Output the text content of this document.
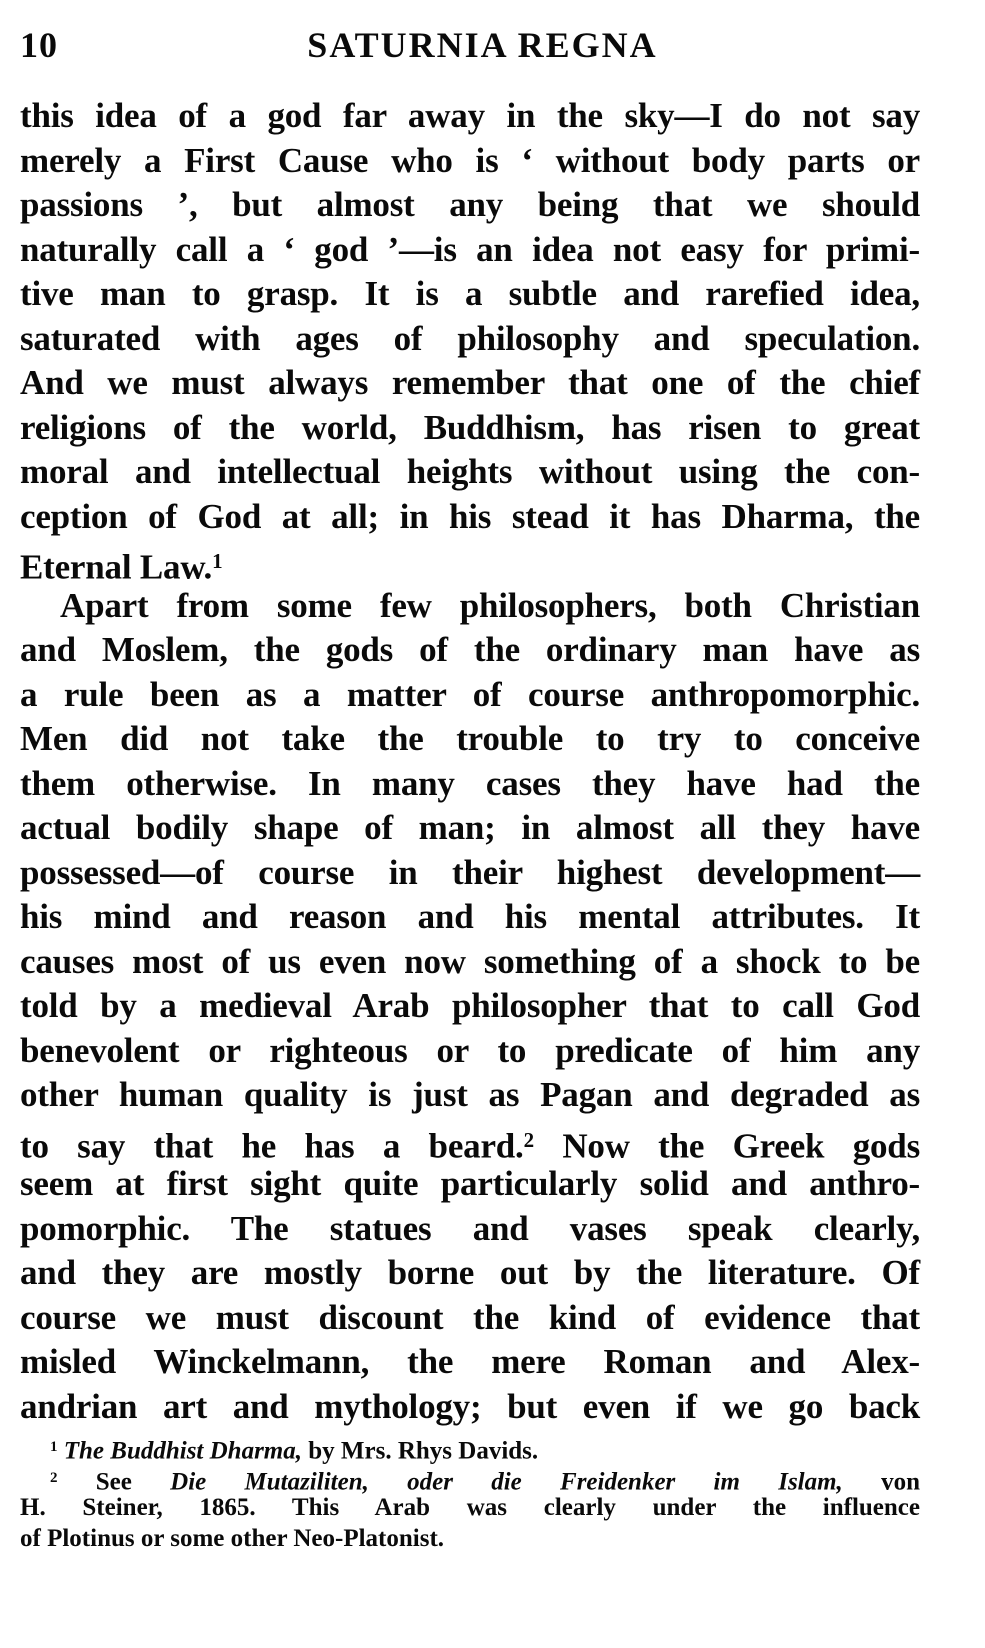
10	SATURNIA REGNA
this idea of a god far away in the sky—I do not say
merely a First Cause who is ‘ without body parts or
passions ’, but almost any being that we should
naturally call a ‘ god ’—is an idea not easy for primi-
tive man to grasp. It is a subtle and rarefied idea,
saturated with ages of philosophy and speculation.
And we must always remember that one of the chief
religions of the world, Buddhism, has risen to great
moral and intellectual heights without using the con-
ception of God at all; in his stead it has Dharma, the
Eternal Law.$^1$
Apart from some few philosophers, both Christian
and Moslem, the gods of the ordinary man have as
a rule been as a matter of course anthropomorphic.
Men did not take the trouble to try to conceive
them otherwise. In many cases they have had the
actual bodily shape of man; in almost all they have
possessed—of course in their highest development—
his mind and reason and his mental attributes. It
causes most of us even now something of a shock to be
told by a medieval Arab philosopher that to call God
benevolent or righteous or to predicate of him any
other human quality is just as Pagan and degraded as
to say that he has a beard.$^2$ Now the Greek gods
seem at first sight quite particularly solid and anthro-
pomorphic. The statues and vases speak clearly,
and they are mostly borne out by the literature. Of
course we must discount the kind of evidence that
misled Winckelmann, the mere Roman and Alex-
andrian art and mythology; but even if we go back
$^1$ The Buddhist Dharma, by Mrs. Rhys Davids.
$^2$ See Die Mutaziliten, oder die Freidenker im Islam, von
H. Steiner, 1865. This Arab was clearly under the influence
of Plotinus or some other Neo-Platonist.
